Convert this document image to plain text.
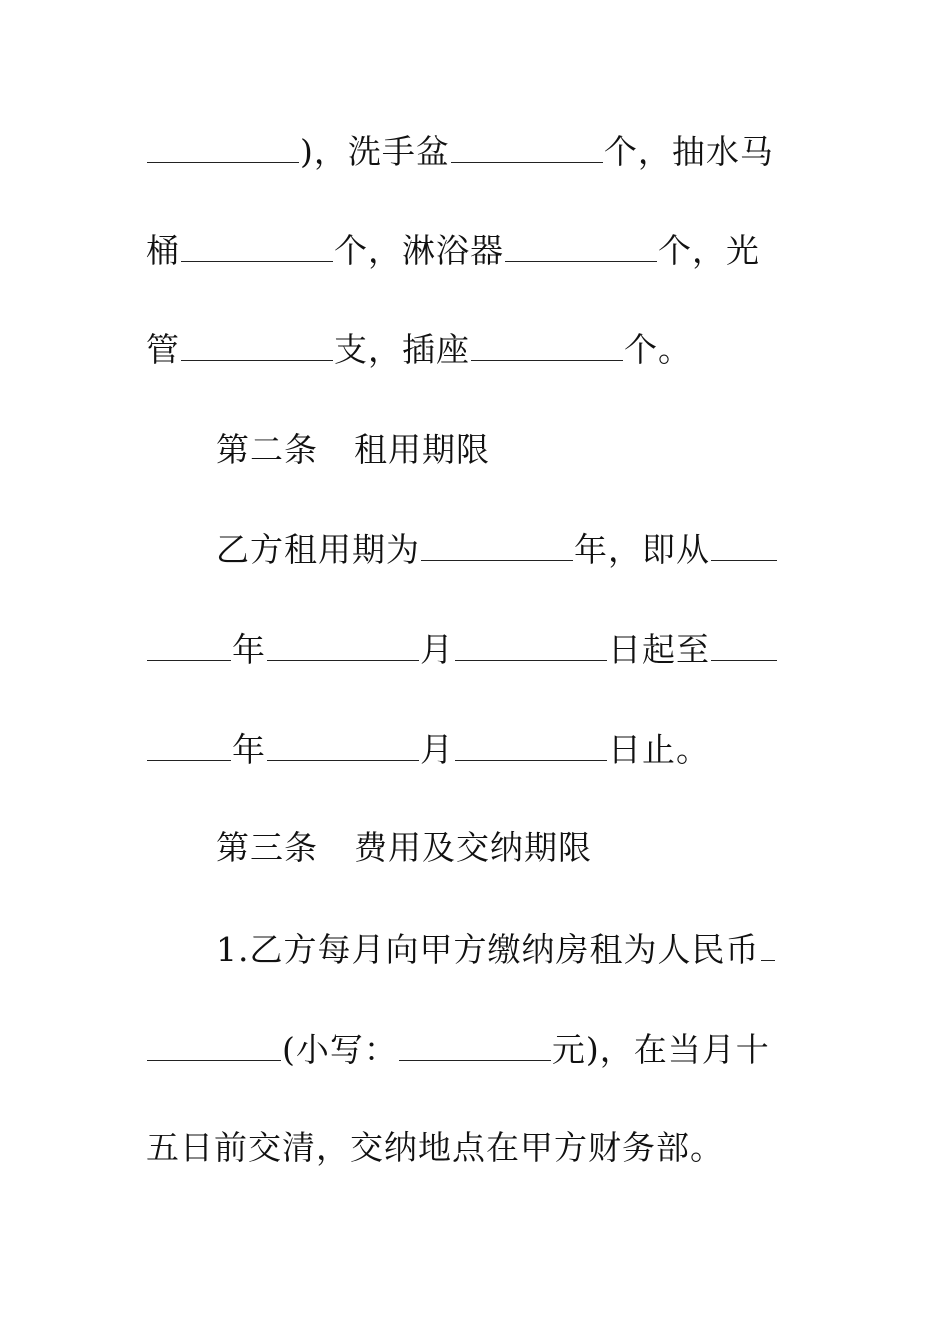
)，洗手盆	个，抽水马
桶	个，淋浴器	个，光
管	支，插座	个。
第二条 租用期限
乙方租用期为	年，即从
年	月	日起至
年	月	日止。
第三条 费用及交纳期限
1.乙方每月向甲方缴纳房租为人民币
(小写：	元)，在当月十
五日前交清，交纳地点在甲方财务部。
